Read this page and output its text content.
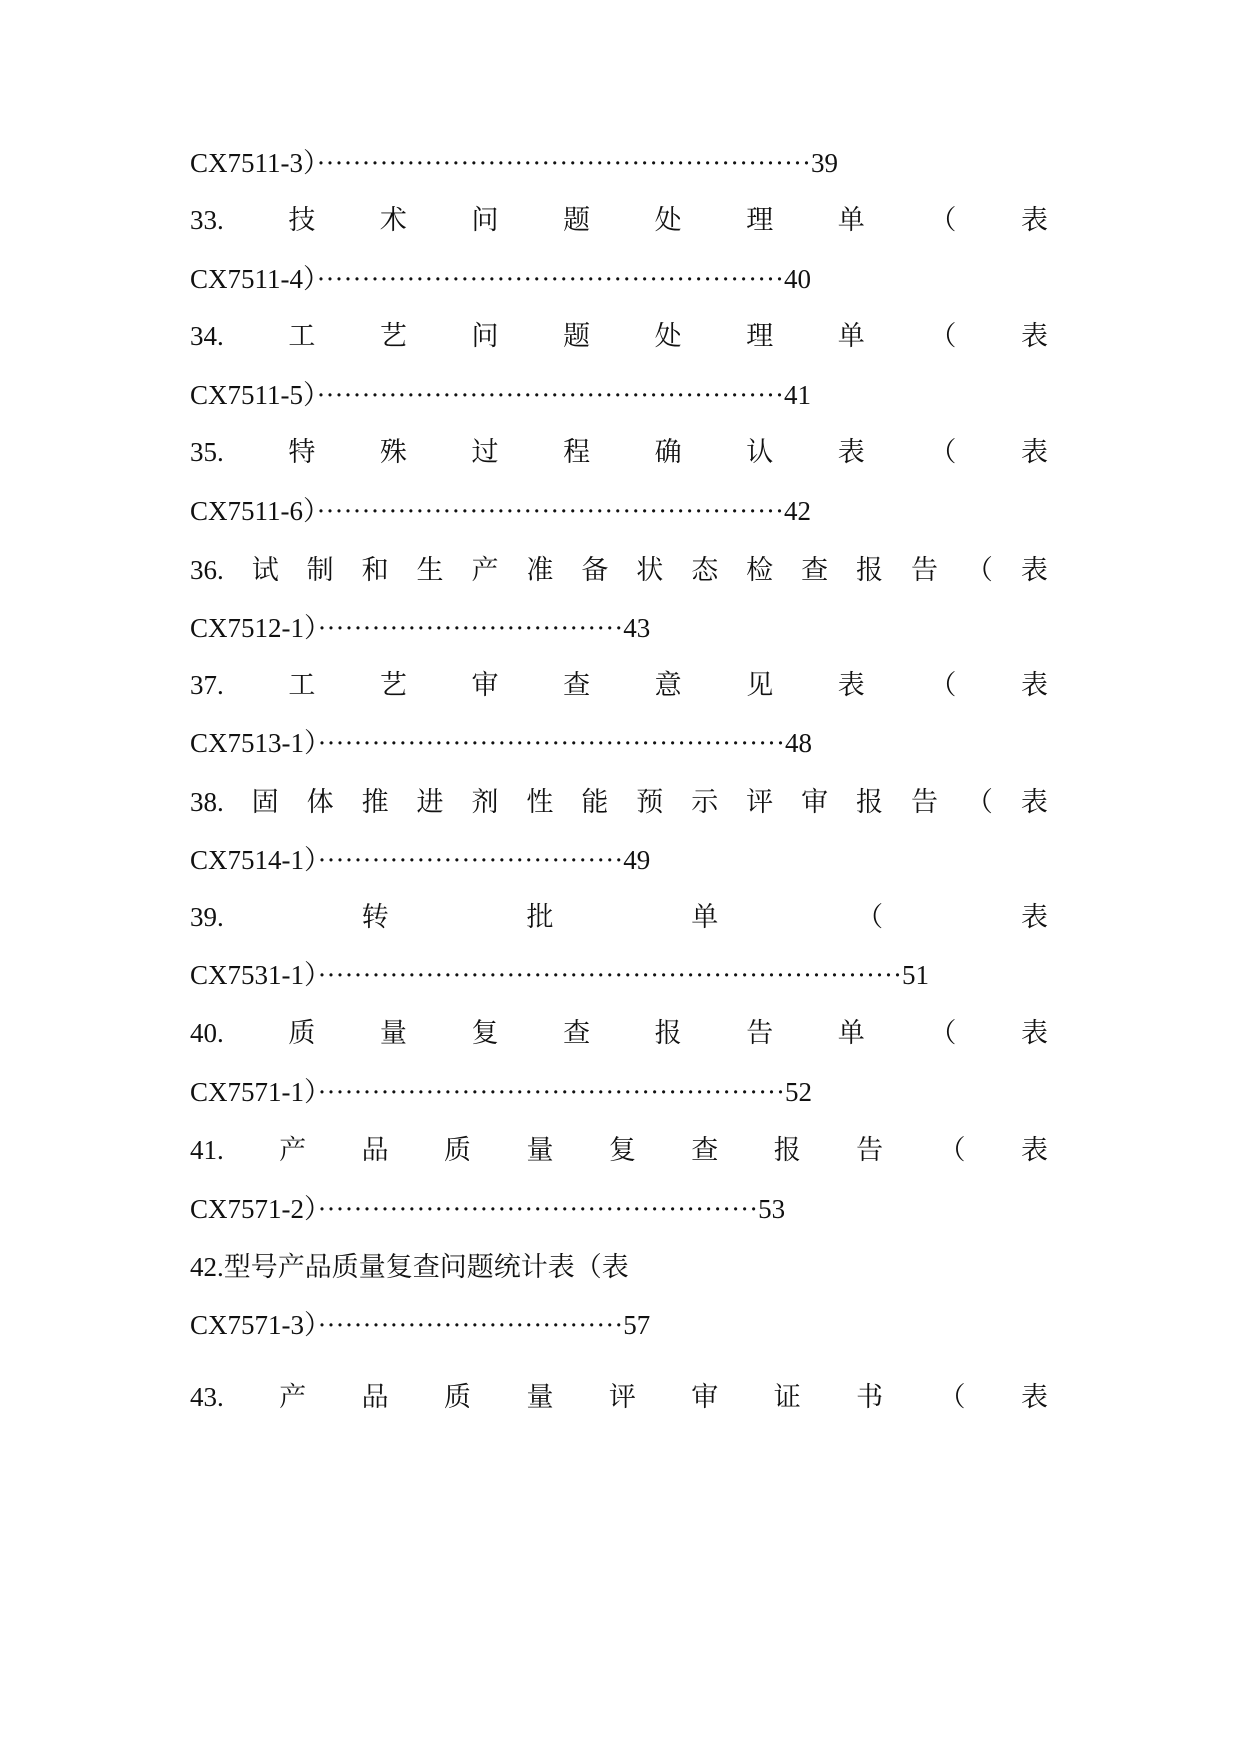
CX7511-3）·······················································39
33. 技 术 问 题 处 理 单 （ 表
CX7511-4）····················································40
34. 工 艺 问 题 处 理 单 （ 表
CX7511-5）····················································41
35. 特 殊 过 程 确 认 表 （ 表
CX7511-6）····················································42
36. 试 制 和 生 产 准 备 状 态 检 查 报 告 （ 表
CX7512-1）··································43
37. 工 艺 审 查 意 见 表 （ 表
CX7513-1）····················································48
38. 固 体 推 进 剂 性 能 预 示 评 审 报 告 （ 表
CX7514-1）··································49
39.	转	批	单	（	表
CX7531-1）·································································51
40. 质 量 复 查 报 告 单 （ 表
CX7571-1）····················································52
41. 产 品 质 量 复 查 报 告 （ 表
CX7571-2）·················································53
42.型号产品质量复查问题统计表（表
CX7571-3）··································57
43. 产 品 质 量 评 审 证 书 （ 表
